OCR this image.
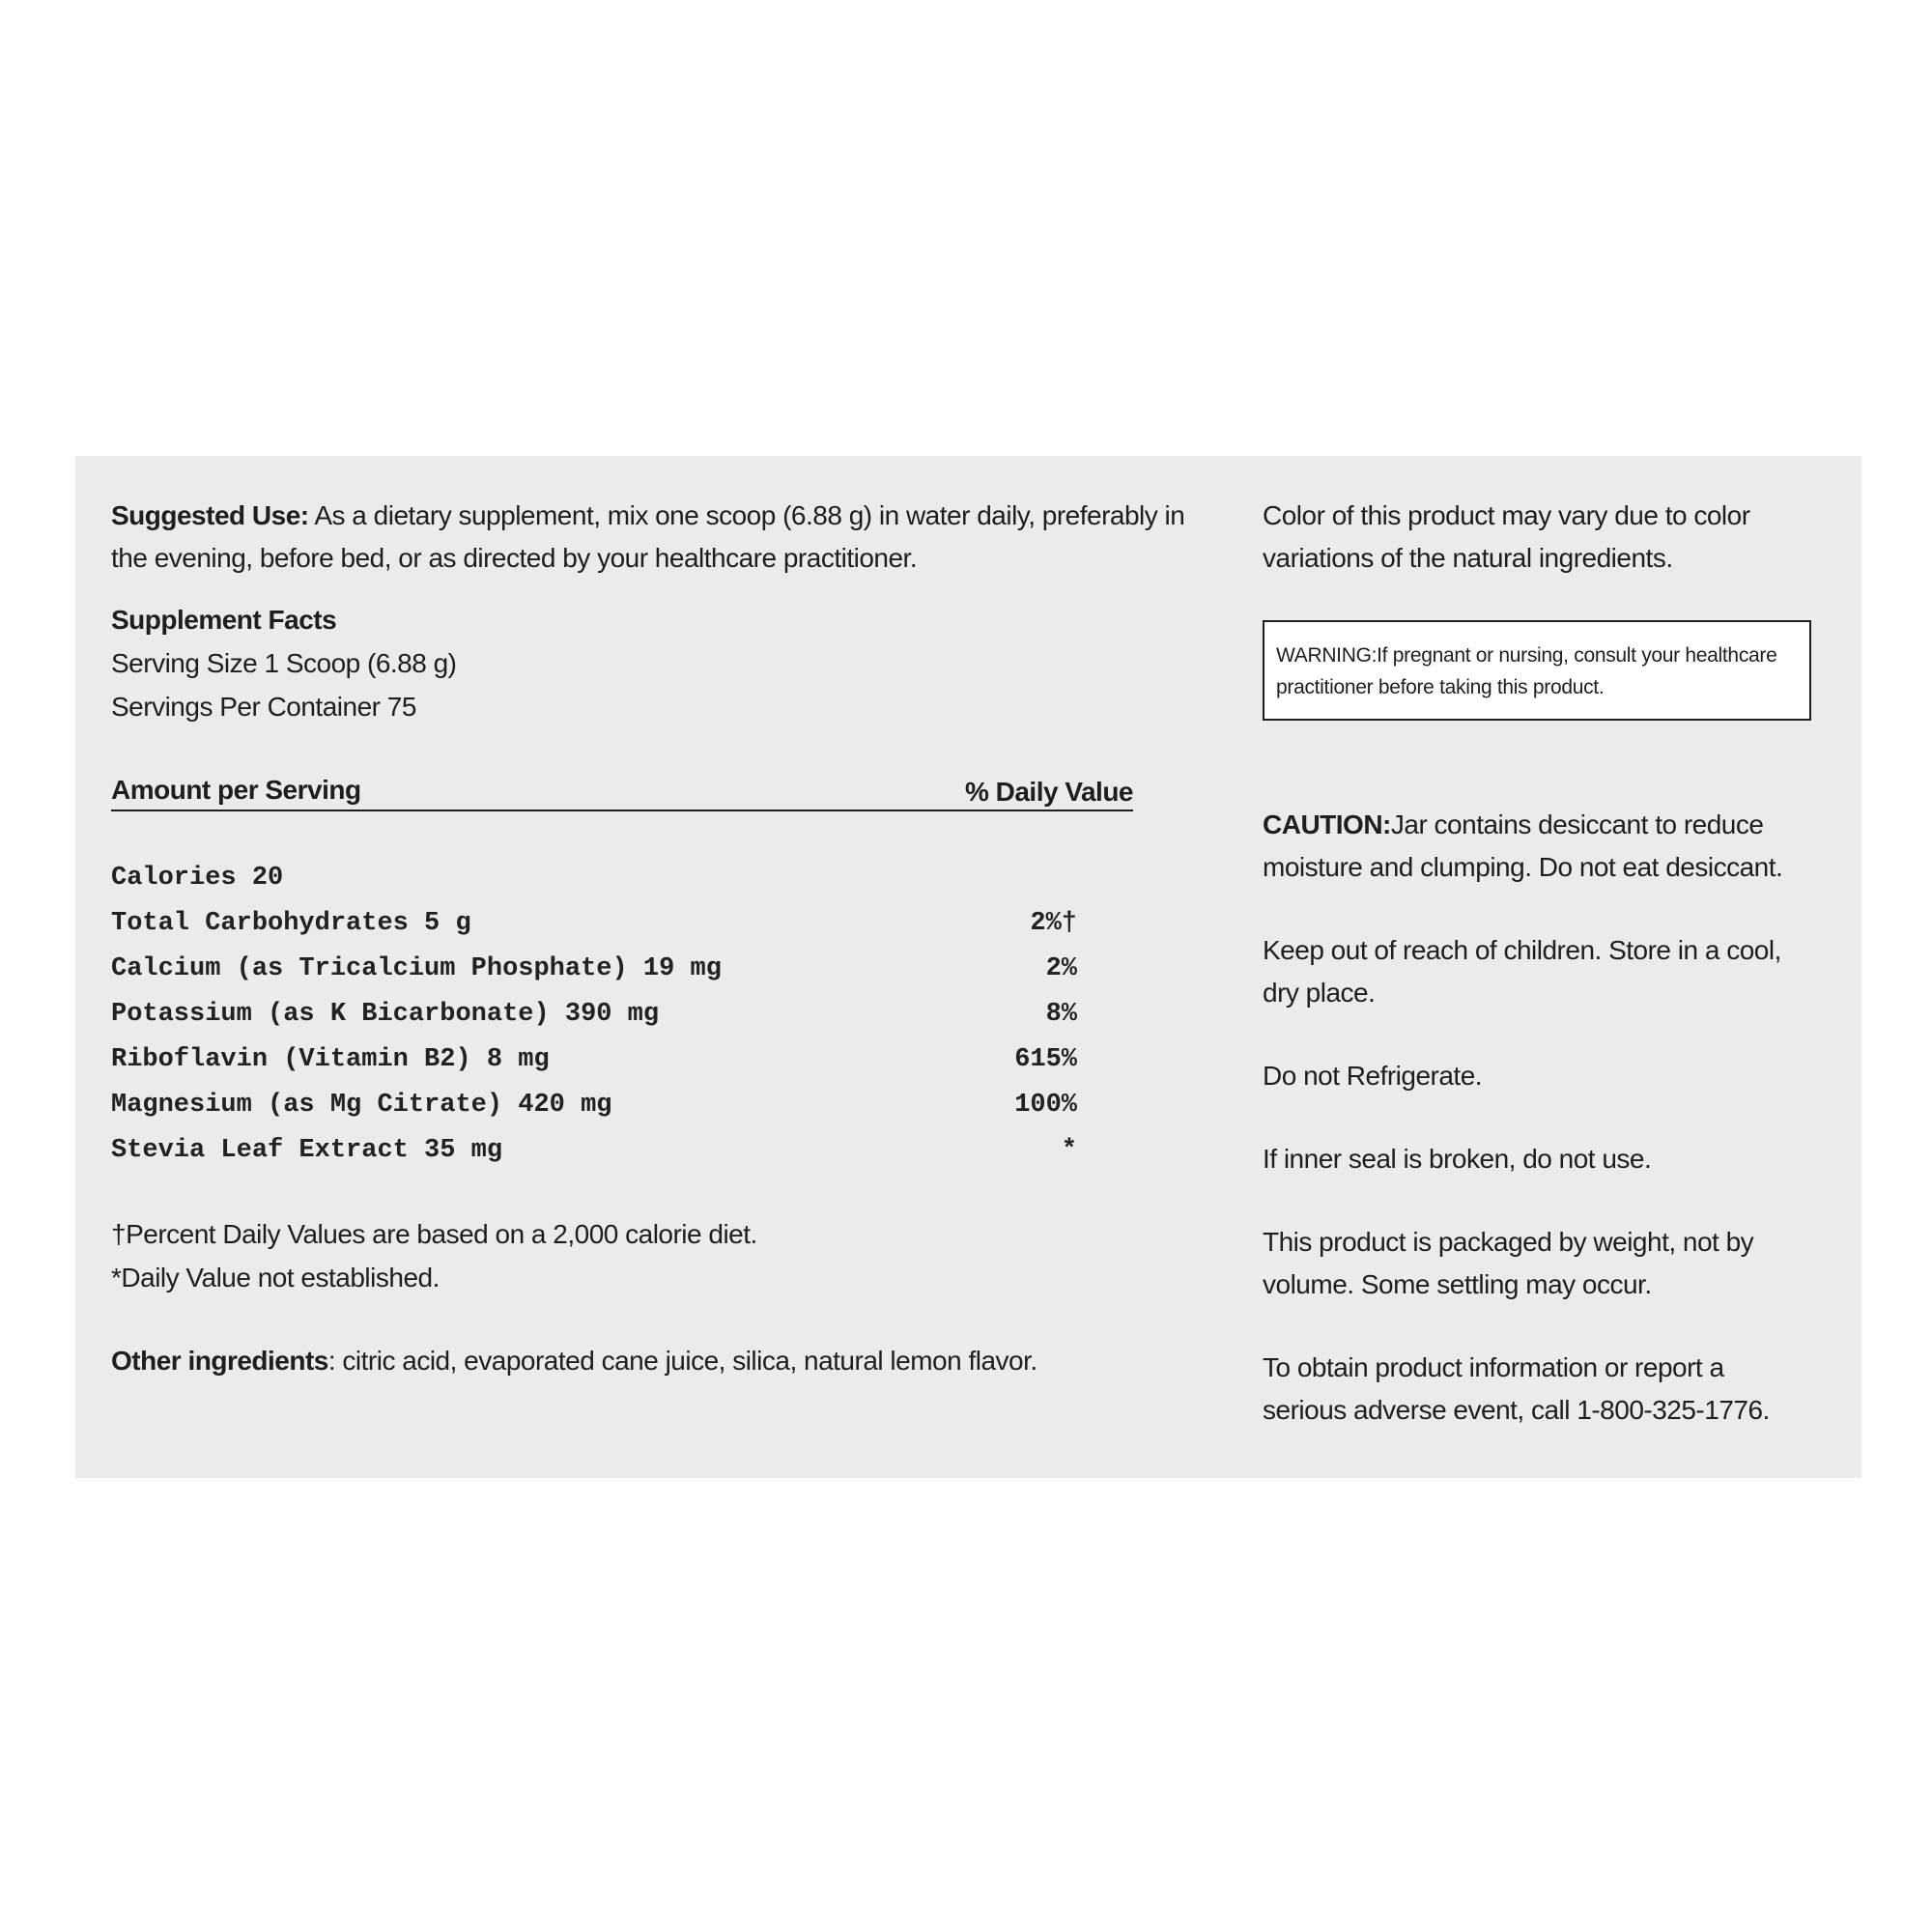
Suggested Use: As a dietary supplement, mix one scoop (6.88 g) in water daily, preferably in the evening, before bed, or as directed by your healthcare practitioner.
Supplement Facts
Serving Size 1 Scoop (6.88 g)
Servings Per Container 75
Amount per Serving	% Daily Value
Calories 20
Total Carbohydrates 5 g	2%†
Calcium (as Tricalcium Phosphate) 19 mg	2%
Potassium (as K Bicarbonate) 390 mg	8%
Riboflavin (Vitamin B2) 8 mg	615%
Magnesium (as Mg Citrate) 420 mg	100%
Stevia Leaf Extract 35 mg	*
†Percent Daily Values are based on a 2,000 calorie diet.
*Daily Value not established.
Other ingredients: citric acid, evaporated cane juice, silica, natural lemon flavor.
Color of this product may vary due to color variations of the natural ingredients.
WARNING:If pregnant or nursing, consult your healthcare practitioner before taking this product.
CAUTION:Jar contains desiccant to reduce moisture and clumping. Do not eat desiccant.
Keep out of reach of children. Store in a cool, dry place.
Do not Refrigerate.
If inner seal is broken, do not use.
This product is packaged by weight, not by volume. Some settling may occur.
To obtain product information or report a serious adverse event, call 1-800-325-1776.
